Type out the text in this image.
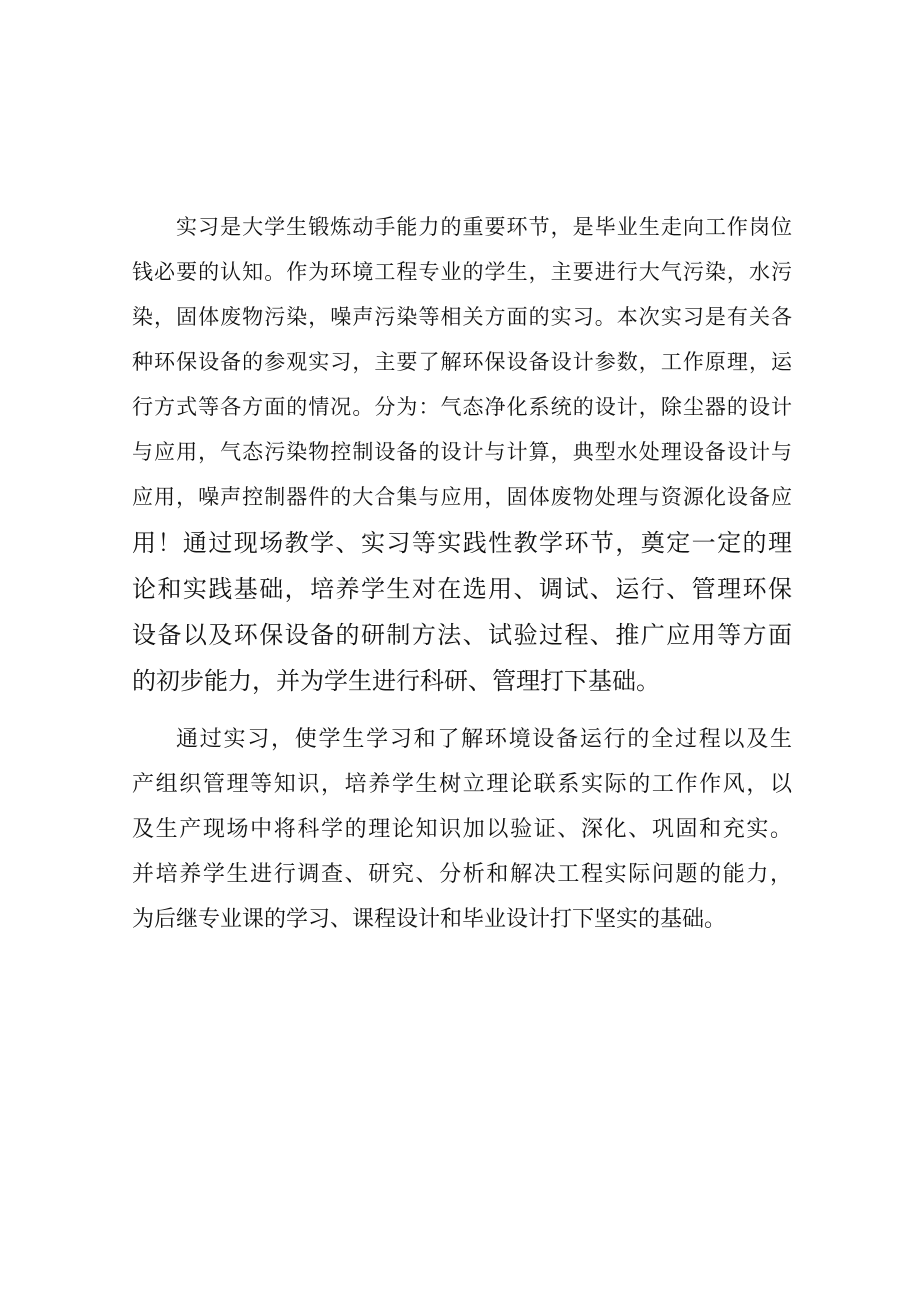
实习是大学生锻炼动手能力的重要环节，是毕业生走向工作岗位
钱必要的认知。作为环境工程专业的学生，主要进行大气污染，水污
染，固体废物污染，噪声污染等相关方面的实习。本次实习是有关各
种环保设备的参观实习，主要了解环保设备设计参数，工作原理，运
行方式等各方面的情况。分为：气态净化系统的设计，除尘器的设计
与应用，气态污染物控制设备的设计与计算，典型水处理设备设计与
应用，噪声控制器件的大合集与应用，固体废物处理与资源化设备应
用！通过现场教学、实习等实践性教学环节，奠定一定的理
论和实践基础，培养学生对在选用、调试、运行、管理环保
设备以及环保设备的研制方法、试验过程、推广应用等方面
的初步能力，并为学生进行科研、管理打下基础。

通过实习，使学生学习和了解环境设备运行的全过程以及生
产组织管理等知识，培养学生树立理论联系实际的工作作风，以
及生产现场中将科学的理论知识加以验证、深化、巩固和充实。
并培养学生进行调查、研究、分析和解决工程实际问题的能力，
为后继专业课的学习、课程设计和毕业设计打下坚实的基础。
